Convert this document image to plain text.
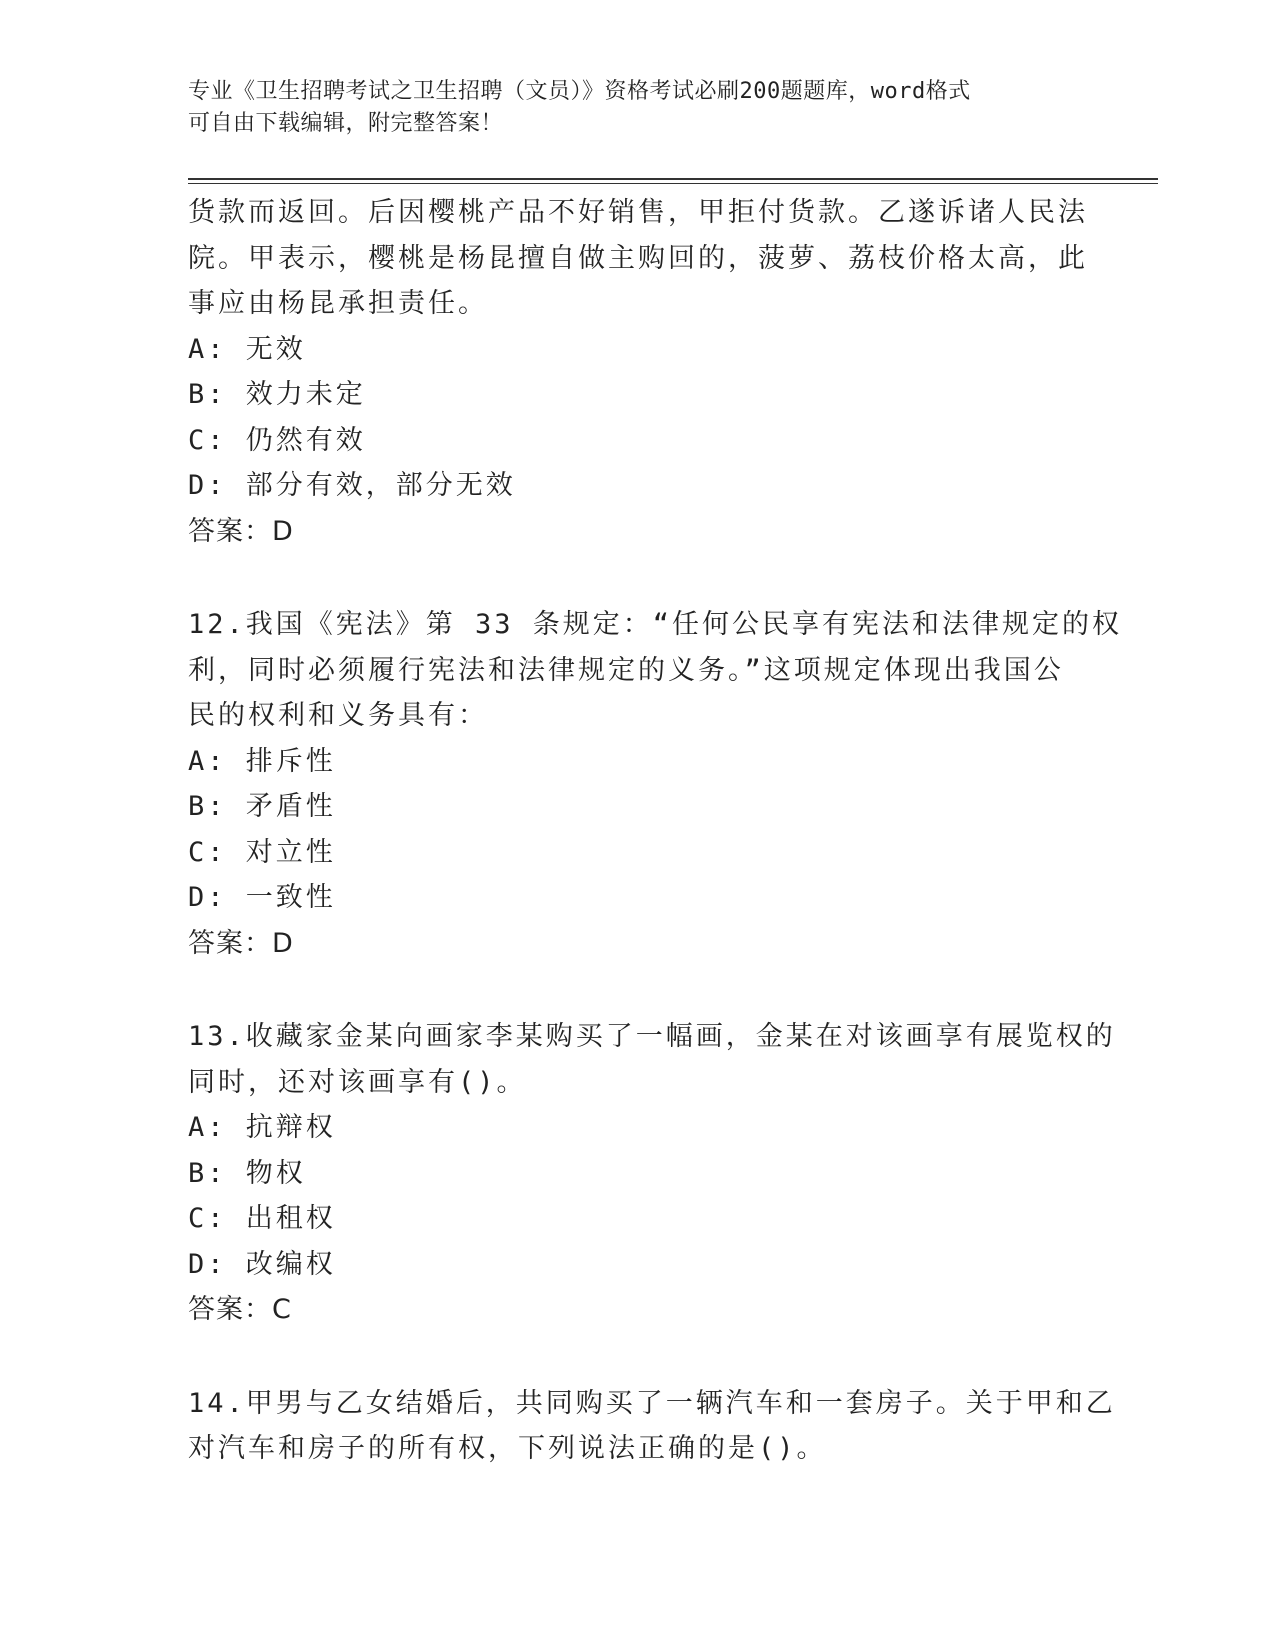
专业《卫生招聘考试之卫生招聘（文员）》资格考试必刷200题题库，word格式
可自由下载编辑，附完整答案！
货款而返回。后因樱桃产品不好销售，甲拒付货款。乙遂诉诸人民法
院。甲表示，樱桃是杨昆擅自做主购回的，菠萝、荔枝价格太高，此
事应由杨昆承担责任。
A: 无效
B: 效力未定
C: 仍然有效
D: 部分有效，部分无效
答案：D
12.我国《宪法》第 33 条规定：“任何公民享有宪法和法律规定的权
利，同时必须履行宪法和法律规定的义务。”这项规定体现出我国公
民的权利和义务具有：
A: 排斥性
B: 矛盾性
C: 对立性
D: 一致性
答案：D
13.收藏家金某向画家李某购买了一幅画，金某在对该画享有展览权的
同时，还对该画享有()。
A: 抗辩权
B: 物权
C: 出租权
D: 改编权
答案：C
14.甲男与乙女结婚后，共同购买了一辆汽车和一套房子。关于甲和乙
对汽车和房子的所有权，下列说法正确的是()。
